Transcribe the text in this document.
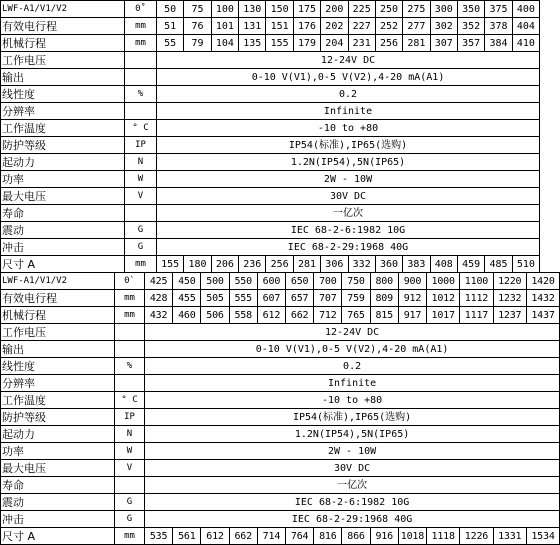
LWF-A1/V1/V2	0˚	50	75	100	130	150	175	200	225	250	275	300	350	375	400
有效电行程	mm	51	76	101	131	151	176	202	227	252	277	302	352	378	404
机械行程	mm	55	79	104	135	155	179	204	231	256	281	307	357	384	410
工作电压		12-24V DC													
输出		0-10 V(V1),0-5 V(V2),4-20 mA(A1)													
线性度	%	0.2													
分辨率		Infinite													
工作温度	° C	-10 to +80													
防护等级	IP	IP54(标准),IP65(选购)													
起动力	N	1.2N(IP54),5N(IP65)													
功率	W	2W - 10W													
最大电压	V	30V DC													
寿命		一亿次													
震动	G	IEC 68-2-6:1982 10G													
冲击	G	IEC 68-2-29:1968 40G													
尺寸 A	mm	155	180	206	236	256	281	306	332	360	383	408	459	485	510
LWF-A1/V1/V2	0`	425	450	500	550	600	650	700	750	800	900	1000	1100	1220	1420
有效电行程	mm	428	455	505	555	607	657	707	759	809	912	1012	1112	1232	1432
机械行程	mm	432	460	506	558	612	662	712	765	815	917	1017	1117	1237	1437
工作电压		12-24V DC													
输出		0-10 V(V1),0-5 V(V2),4-20 mA(A1)													
线性度	%	0.2													
分辨率		Infinite													
工作温度	° C	-10 to +80													
防护等级	IP	IP54(标准),IP65(选购)													
起动力	N	1.2N(IP54),5N(IP65)													
功率	W	2W - 10W													
最大电压	V	30V DC													
寿命		一亿次													
震动	G	IEC 68-2-6:1982 10G													
冲击	G	IEC 68-2-29:1968 40G													
尺寸 A	mm	535	561	612	662	714	764	816	866	916	1018	1118	1226	1331	1534
